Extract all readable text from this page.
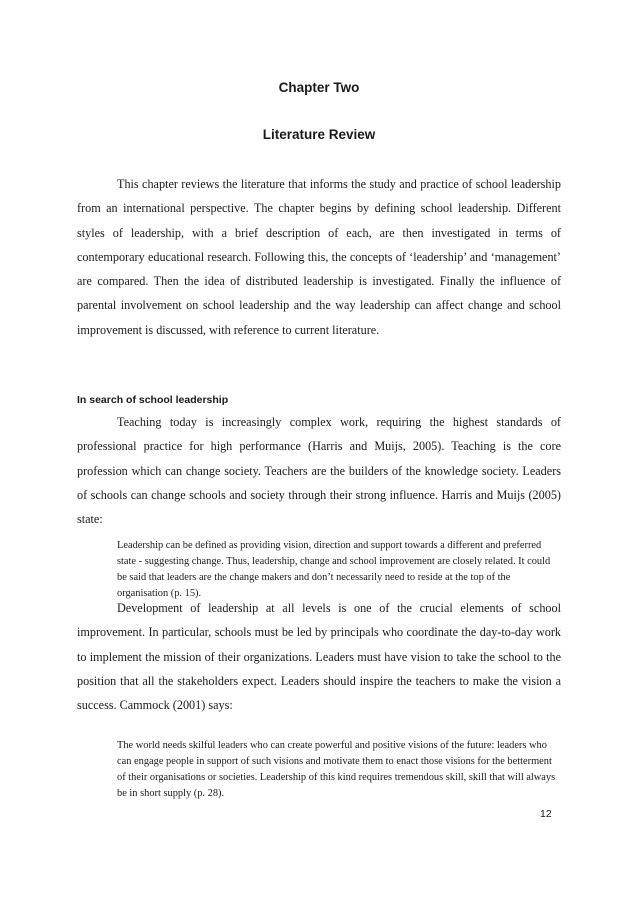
Chapter Two
Literature Review

This chapter reviews the literature that informs the study and practice of school leadership from an international perspective. The chapter begins by defining school leadership. Different styles of leadership, with a brief description of each, are then investigated in terms of contemporary educational research. Following this, the concepts of ‘leadership’ and ‘management’ are compared. Then the idea of distributed leadership is investigated. Finally the influence of parental involvement on school leadership and the way leadership can affect change and school improvement is discussed, with reference to current literature.

In search of school leadership

Teaching today is increasingly complex work, requiring the highest standards of professional practice for high performance (Harris and Muijs, 2005). Teaching is the core profession which can change society. Teachers are the builders of the knowledge society. Leaders of schools can change schools and society through their strong influence. Harris and Muijs (2005) state:

Leadership can be defined as providing vision, direction and support towards a different and preferred state - suggesting change. Thus, leadership, change and school improvement are closely related. It could be said that leaders are the change makers and don’t necessarily need to reside at the top of the organisation (p. 15).

Development of leadership at all levels is one of the crucial elements of school improvement. In particular, schools must be led by principals who coordinate the day-to-day work to implement the mission of their organizations. Leaders must have vision to take the school to the position that all the stakeholders expect. Leaders should inspire the teachers to make the vision a success. Cammock (2001) says:

The world needs skilful leaders who can create powerful and positive visions of the future: leaders who can engage people in support of such visions and motivate them to enact those visions for the betterment of their organisations or societies. Leadership of this kind requires tremendous skill, skill that will always be in short supply (p. 28).

12
